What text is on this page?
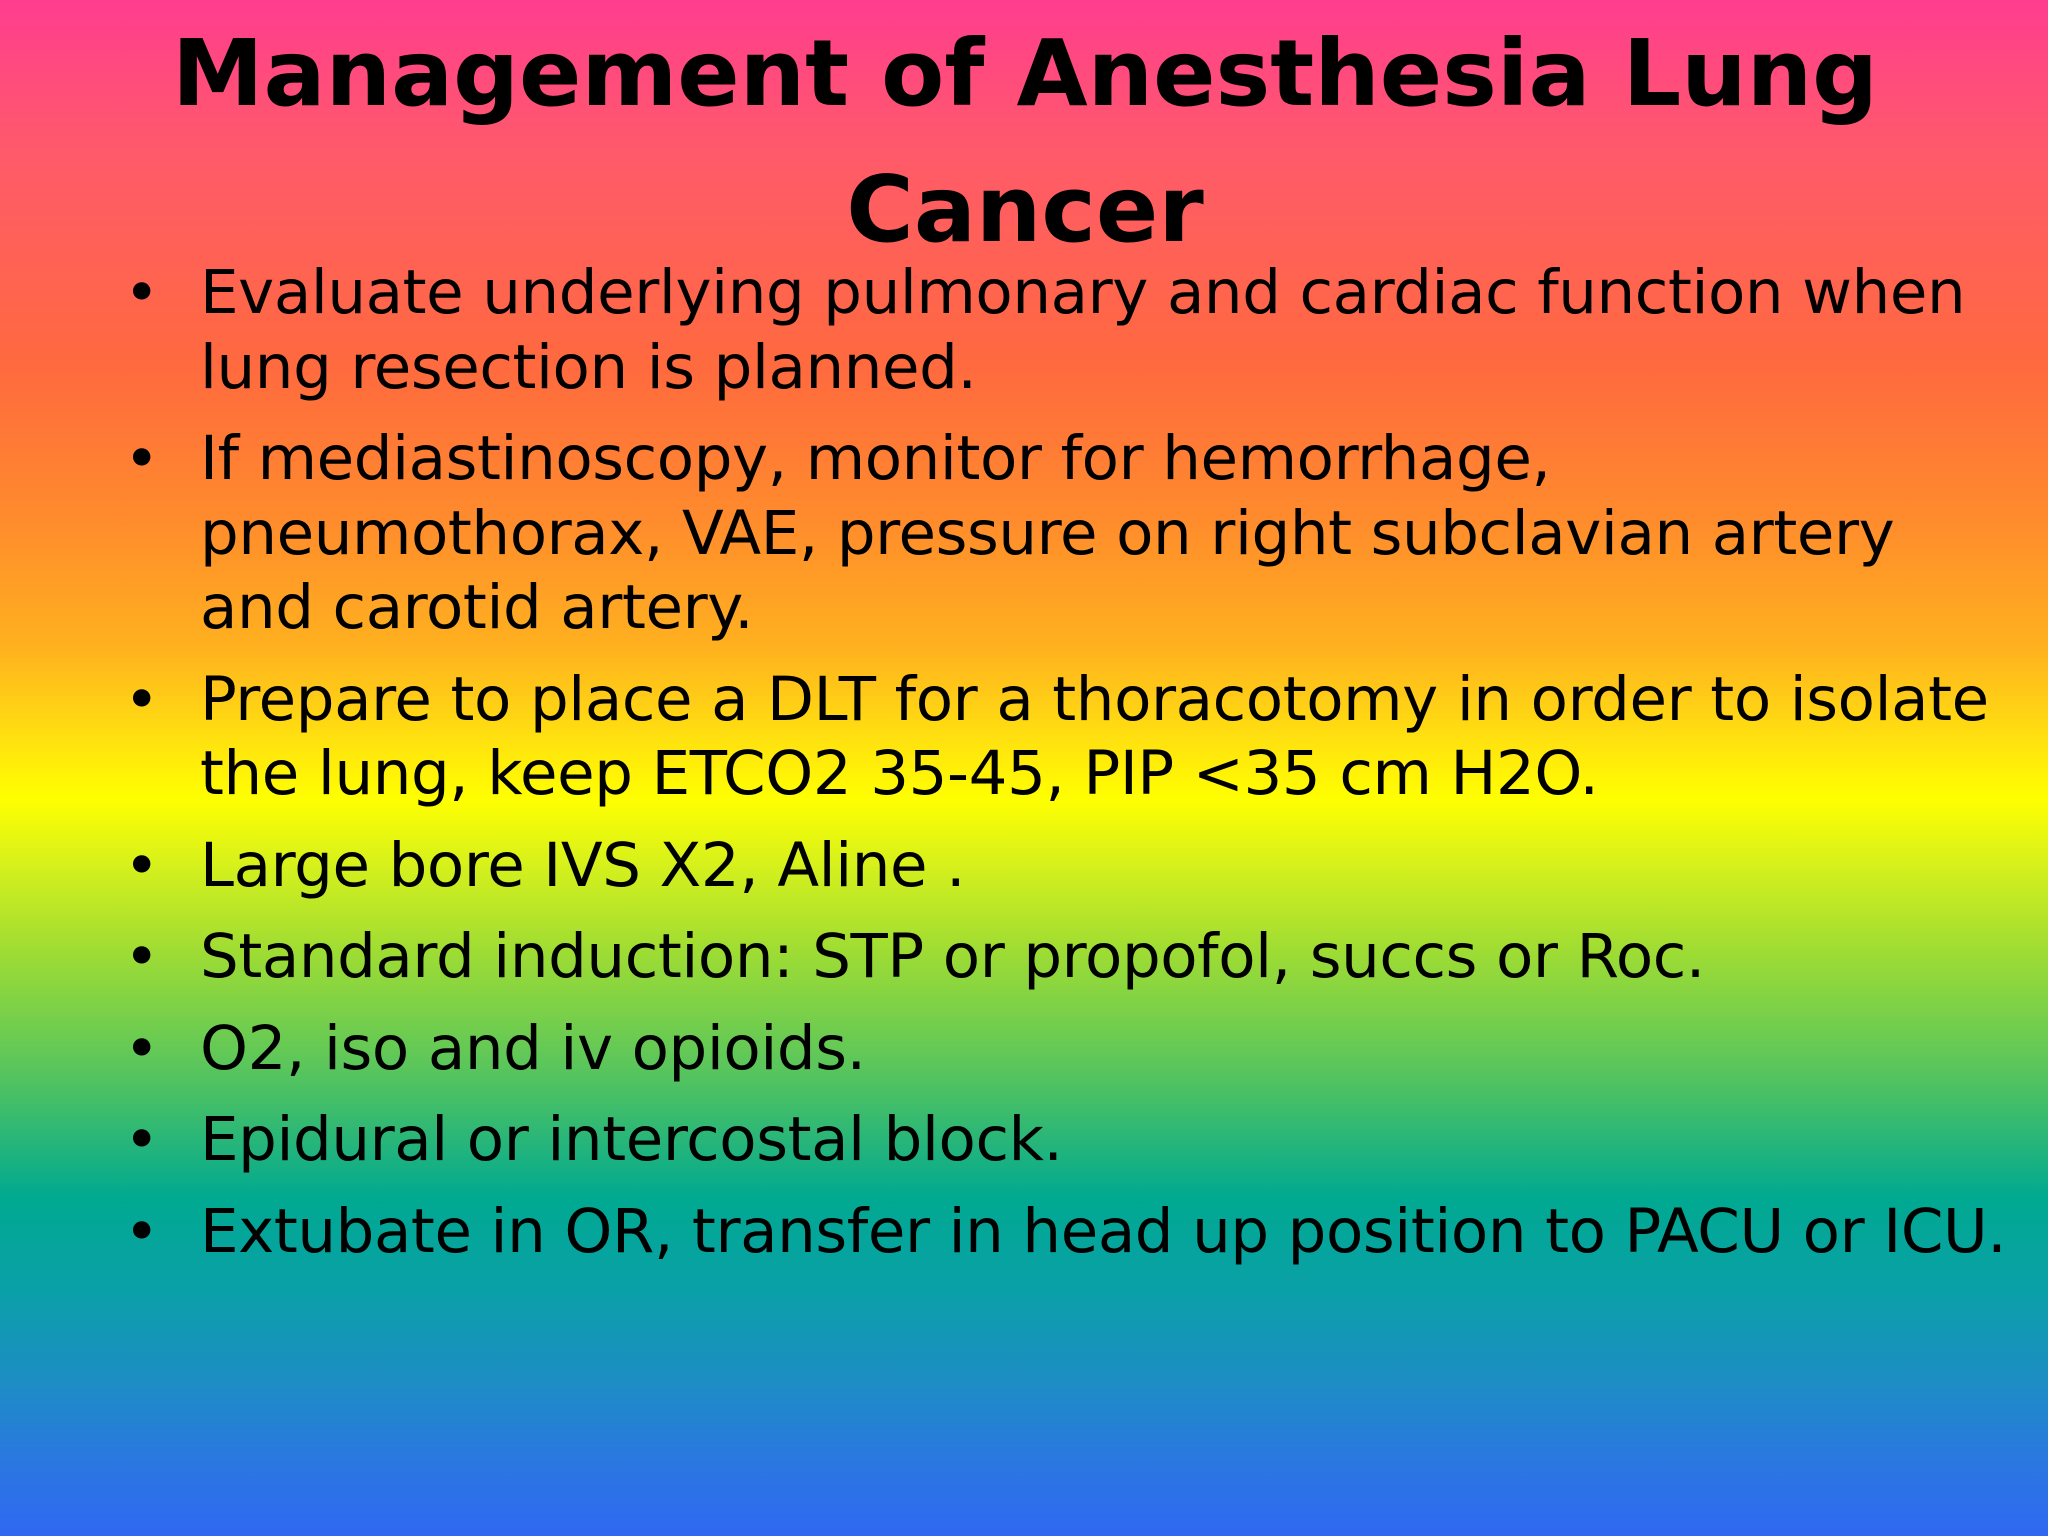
Management of Anesthesia Lung Cancer
• Evaluate underlying pulmonary and cardiac function when lung resection is planned.
• If mediastinoscopy, monitor for hemorrhage, pneumothorax, VAE, pressure on right subclavian artery and carotid artery.
• Prepare to place a DLT for a thoracotomy in order to isolate the lung, keep ETCO2 35-45, PIP <35 cm H2O.
• Large bore IVS X2, Aline .
• Standard induction: STP or propofol, succs or Roc.
• O2, iso and iv opioids.
• Epidural or intercostal block.
• Extubate in OR, transfer in head up position to PACU or ICU.
